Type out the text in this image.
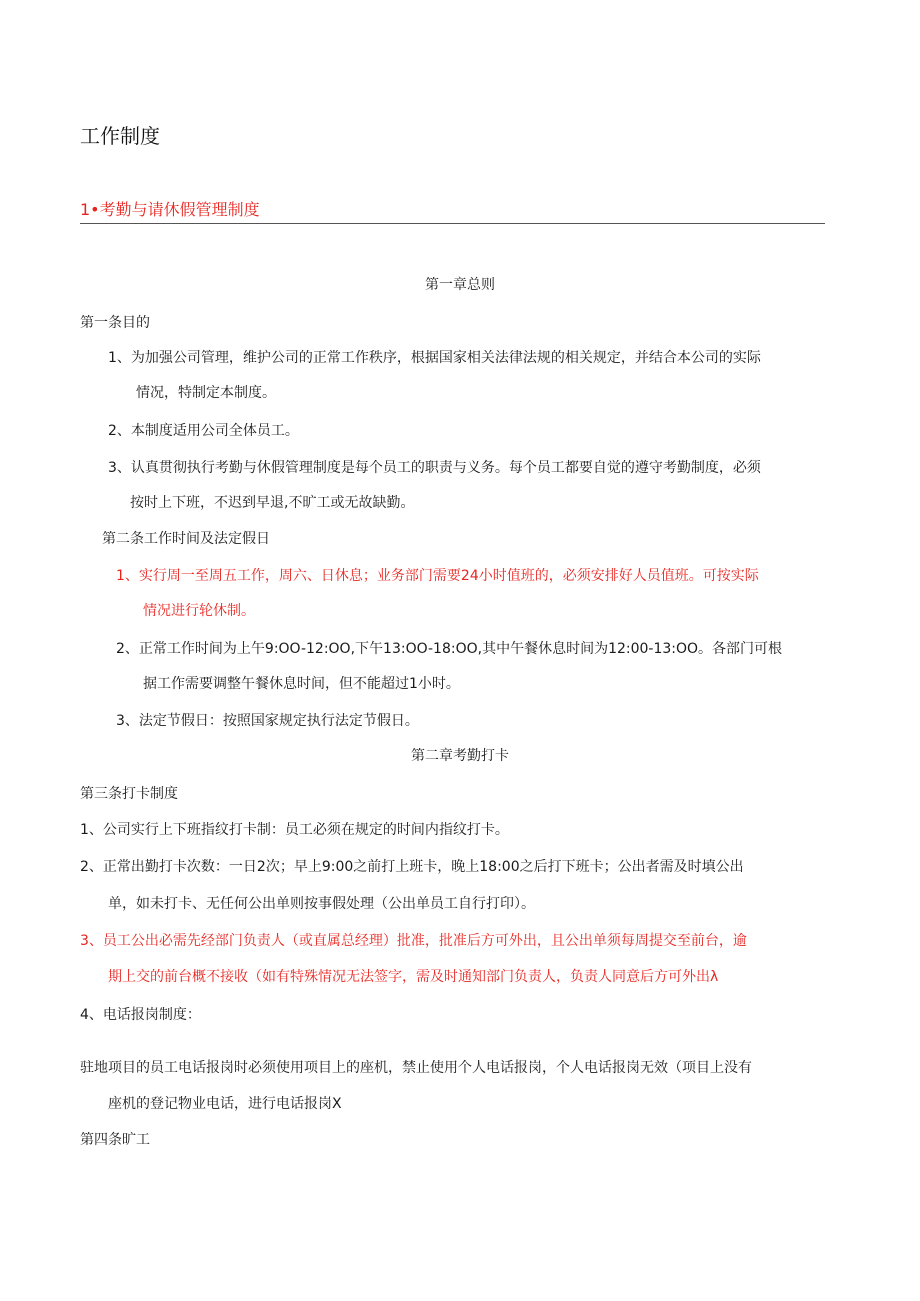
工作制度
1•考勤与请休假管理制度
第一章总则
第一条目的
1、为加强公司管理，维护公司的正常工作秩序，根据国家相关法律法规的相关规定，并结合本公司的实际
情况，特制定本制度。
2、本制度适用公司全体员工。
3、认真贯彻执行考勤与休假管理制度是每个员工的职责与义务。每个员工都要自觉的遵守考勤制度，必须
按时上下班，不迟到早退,不旷工或无故缺勤。
第二条工作时间及法定假日
1、实行周一至周五工作，周六、日休息；业务部门需要24小时值班的，必须安排好人员值班。可按实际
情况进行轮休制。
2、正常工作时间为上午9:OO-12:OO,下午13:OO-18:OO,其中午餐休息时间为12:00-13:OO。各部门可根
据工作需要调整午餐休息时间，但不能超过1小时。
3、法定节假日：按照国家规定执行法定节假日。
第二章考勤打卡
第三条打卡制度
1、公司实行上下班指纹打卡制：员工必须在规定的时间内指纹打卡。
2、正常出勤打卡次数：一日2次；早上9:00之前打上班卡，晚上18:00之后打下班卡；公出者需及时填公出
单，如未打卡、无任何公出单则按事假处理（公出单员工自行打印）。
3、员工公出必需先经部门负责人（或直属总经理）批准，批准后方可外出，且公出单须每周提交至前台，逾
期上交的前台概不接收（如有特殊情况无法签字，需及时通知部门负责人，负责人同意后方可外出λ
4、电话报岗制度：
驻地项目的员工电话报岗时必须使用项目上的座机，禁止使用个人电话报岗，个人电话报岗无效（项目上没有
座机的登记物业电话，进行电话报岗X
第四条旷工
